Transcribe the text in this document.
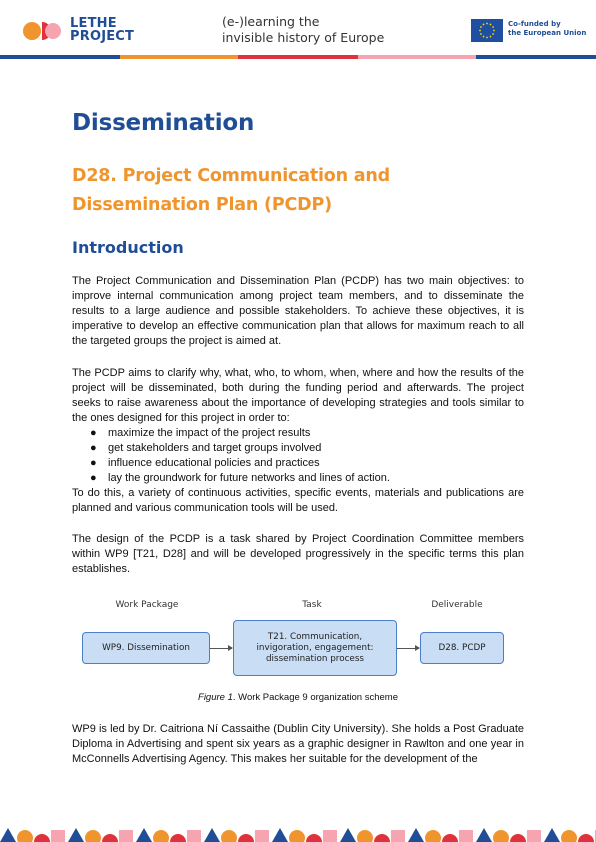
LETHE
PROJECT
(e-)learning the
invisible history of Europe
Co-funded by
the European Union
Dissemination
D28. Project Communication and Dissemination Plan (PCDP)
Introduction

The Project Communication and Dissemination Plan (PCDP) has two main objectives: to improve internal communication among project team members, and to disseminate the results to a large audience and possible stakeholders. To achieve these objectives, it is imperative to develop an effective communication plan that allows for maximum reach to all the targeted groups the project is aimed at.

The PCDP aims to clarify why, what, who, to whom, when, where and how the results of the project will be disseminated, both during the funding period and afterwards. The project seeks to raise awareness about the importance of developing strategies and tools similar to the ones designed for this project in order to:

● maximize the impact of the project results
● get stakeholders and target groups involved
● influence educational policies and practices
● lay the groundwork for future networks and lines of action.

To do this, a variety of continuous activities, specific events, materials and publications are planned and various communication tools will be used.

The design of the PCDP is a task shared by Project Coordination Committee members within WP9 [T21, D28] and will be developed progressively in the specific terms this plan establishes.

Work Package	Task	Deliverable
WP9. Dissemination
T21. Communication, invigoration, engagement: dissemination process
D28. PCDP
Figure 1. Work Package 9 organization scheme

WP9 is led by Dr. Caitriona Ní Cassaithe (Dublin City University). She holds a Post Graduate Diploma in Advertising and spent six years as a graphic designer in Rawlton and one year in McConnells Advertising Agency. This makes her suitable for the development of the
